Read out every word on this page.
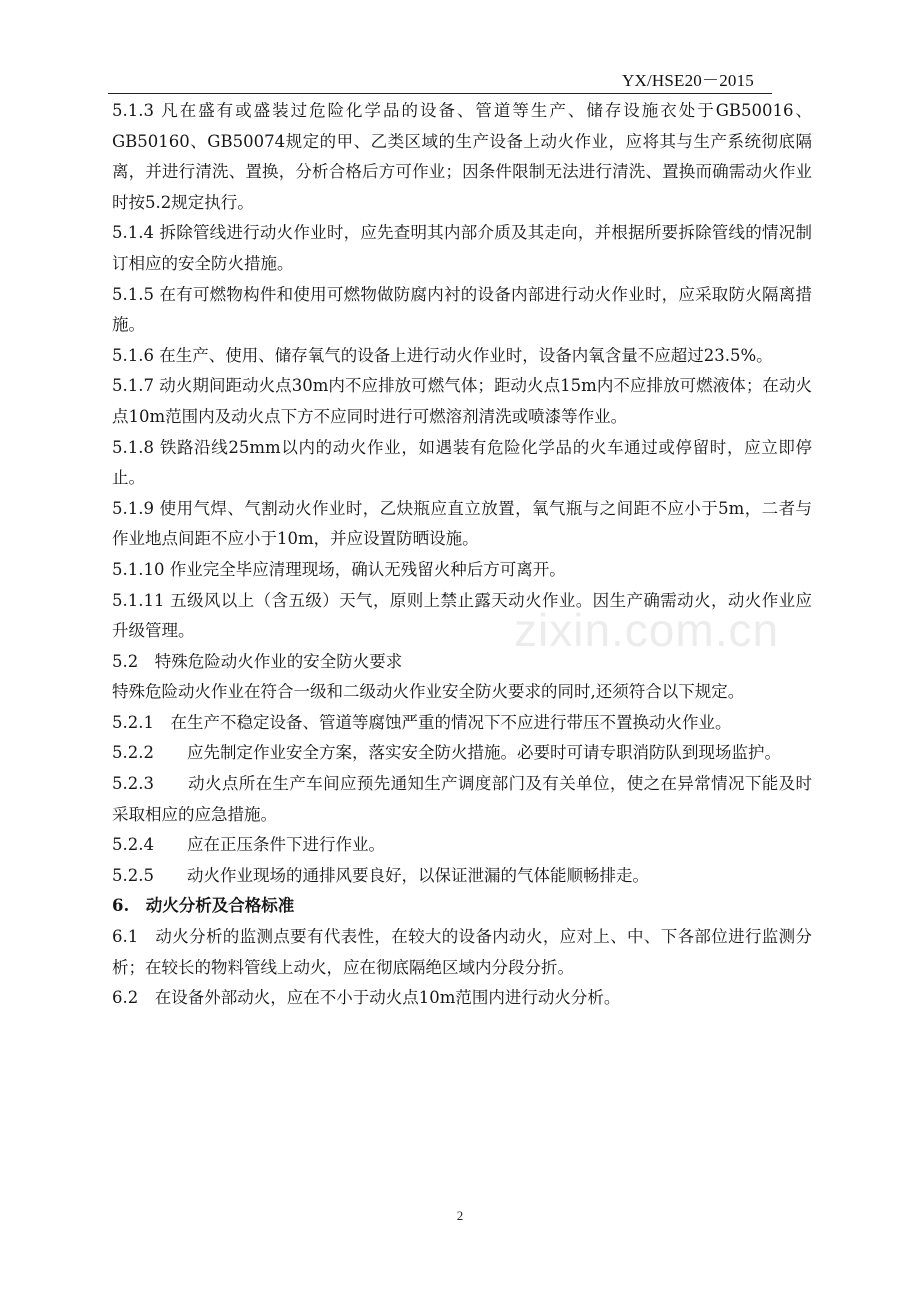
YX/HSE20－2015

5.1.3 凡在盛有或盛装过危险化学品的设备、管道等生产、储存设施衣处于GB50016、GB50160、GB50074规定的甲、乙类区域的生产设备上动火作业，应将其与生产系统彻底隔离，并进行清洗、置换，分析合格后方可作业；因条件限制无法进行清洗、置换而确需动火作业时按5.2规定执行。

5.1.4 拆除管线进行动火作业时，应先查明其内部介质及其走向，并根据所要拆除管线的情况制订相应的安全防火措施。

5.1.5 在有可燃物构件和使用可燃物做防腐内衬的设备内部进行动火作业时，应采取防火隔离措施。

5.1.6 在生产、使用、储存氧气的设备上进行动火作业时，设备内氧含量不应超过23.5%。

5.1.7 动火期间距动火点30m内不应排放可燃气体；距动火点15m内不应排放可燃液体；在动火点10m范围内及动火点下方不应同时进行可燃溶剂清洗或喷漆等作业。

5.1.8 铁路沿线25mm以内的动火作业，如遇装有危险化学品的火车通过或停留时，应立即停止。

5.1.9 使用气焊、气割动火作业时，乙炔瓶应直立放置，氧气瓶与之间距不应小于5m，二者与作业地点间距不应小于10m，并应设置防晒设施。

5.1.10 作业完全毕应清理现场，确认无残留火种后方可离开。

5.1.11 五级风以上（含五级）天气，原则上禁止露天动火作业。因生产确需动火，动火作业应升级管理。

5.2　特殊危险动火作业的安全防火要求

特殊危险动火作业在符合一级和二级动火作业安全防火要求的同时,还须符合以下规定。

5.2.1　在生产不稳定设备、管道等腐蚀严重的情况下不应进行带压不置换动火作业。

5.2.2　　应先制定作业安全方案，落实安全防火措施。必要时可请专职消防队到现场监护。

5.2.3　　动火点所在生产车间应预先通知生产调度部门及有关单位，使之在异常情况下能及时采取相应的应急措施。

5.2.4　　应在正压条件下进行作业。

5.2.5　　动火作业现场的通排风要良好，以保证泄漏的气体能顺畅排走。

6.　动火分析及合格标准

6.1　动火分析的监测点要有代表性，在较大的设备内动火，应对上、中、下各部位进行监测分析；在较长的物料管线上动火，应在彻底隔绝区域内分段分折。

6.2　在设备外部动火，应在不小于动火点10m范围内进行动火分析。

zixin.com.cn
2
